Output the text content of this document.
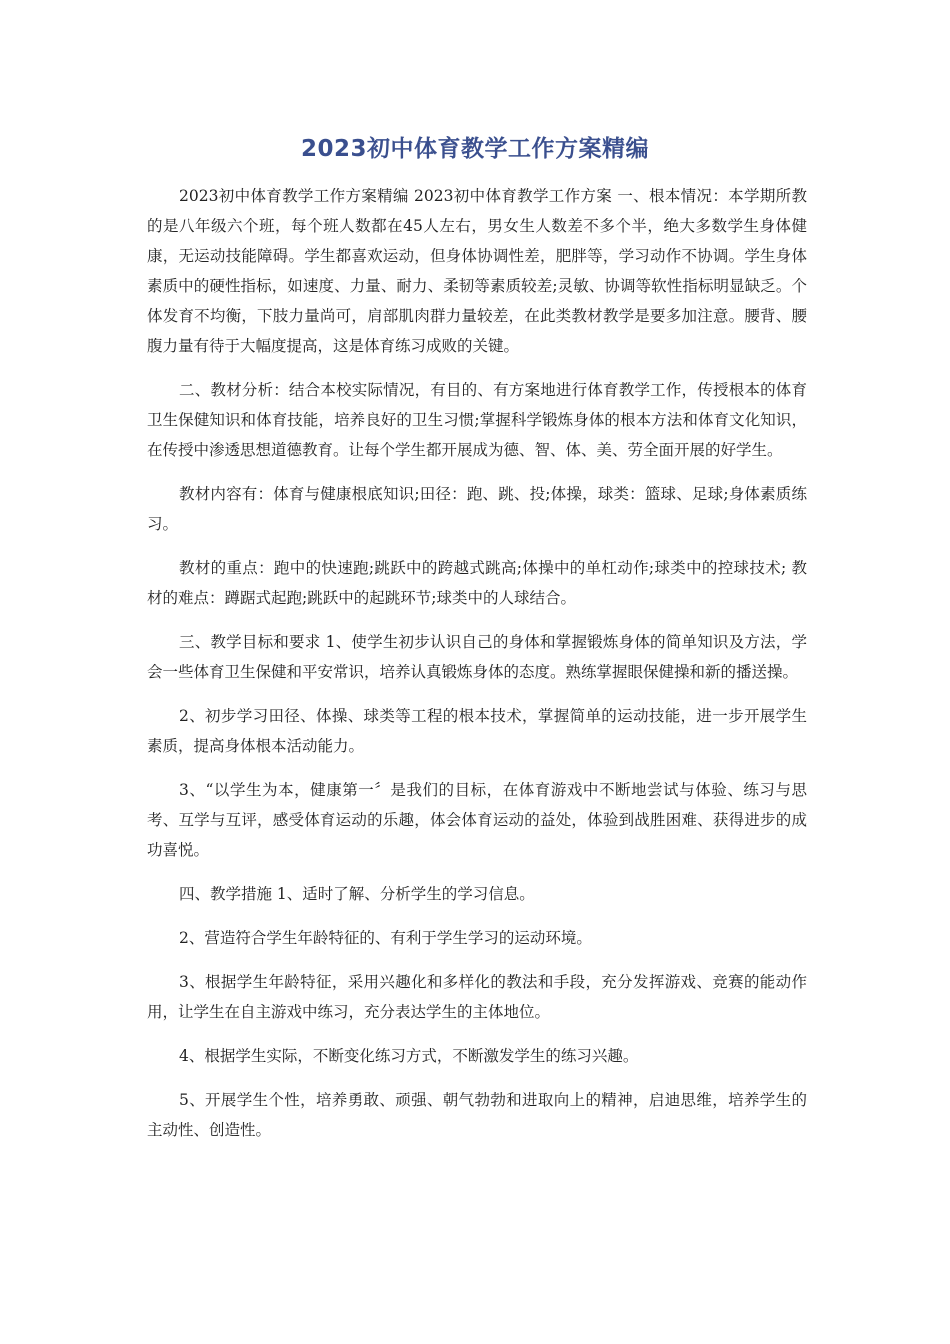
2023初中体育教学工作方案精编

2023初中体育教学工作方案精编 2023初中体育教学工作方案 一、根本情况：本学期所教的是八年级六个班，每个班人数都在45人左右，男女生人数差不多个半，绝大多数学生身体健康，无运动技能障碍。学生都喜欢运动，但身体协调性差，肥胖等，学习动作不协调。学生身体素质中的硬性指标，如速度、力量、耐力、柔韧等素质较差;灵敏、协调等软性指标明显缺乏。个体发育不均衡，下肢力量尚可，肩部肌肉群力量较差，在此类教材教学是要多加注意。腰背、腰腹力量有待于大幅度提高，这是体育练习成败的关键。

二、教材分析：结合本校实际情况，有目的、有方案地进行体育教学工作，传授根本的体育卫生保健知识和体育技能，培养良好的卫生习惯;掌握科学锻炼身体的根本方法和体育文化知识，在传授中渗透思想道德教育。让每个学生都开展成为德、智、体、美、劳全面开展的好学生。

教材内容有：体育与健康根底知识;田径：跑、跳、投;体操，球类：篮球、足球;身体素质练习。

教材的重点：跑中的快速跑;跳跃中的跨越式跳高;体操中的单杠动作;球类中的控球技术; 教材的难点：蹲踞式起跑;跳跃中的起跳环节;球类中的人球结合。

三、教学目标和要求 1、使学生初步认识自己的身体和掌握锻炼身体的简单知识及方法，学会一些体育卫生保健和平安常识，培养认真锻炼身体的态度。熟练掌握眼保健操和新的播送操。

2、初步学习田径、体操、球类等工程的根本技术，掌握简单的运动技能，进一步开展学生素质，提高身体根本活动能力。

3、“以学生为本，健康第一〞是我们的目标，在体育游戏中不断地尝试与体验、练习与思考、互学与互评，感受体育运动的乐趣，体会体育运动的益处，体验到战胜困难、获得进步的成功喜悦。

四、教学措施 1、适时了解、分析学生的学习信息。

2、营造符合学生年龄特征的、有利于学生学习的运动环境。

3、根据学生年龄特征，采用兴趣化和多样化的教法和手段，充分发挥游戏、竞赛的能动作用，让学生在自主游戏中练习，充分表达学生的主体地位。

4、根据学生实际，不断变化练习方式，不断激发学生的练习兴趣。

5、开展学生个性，培养勇敢、顽强、朝气勃勃和进取向上的精神，启迪思维，培养学生的主动性、创造性。
